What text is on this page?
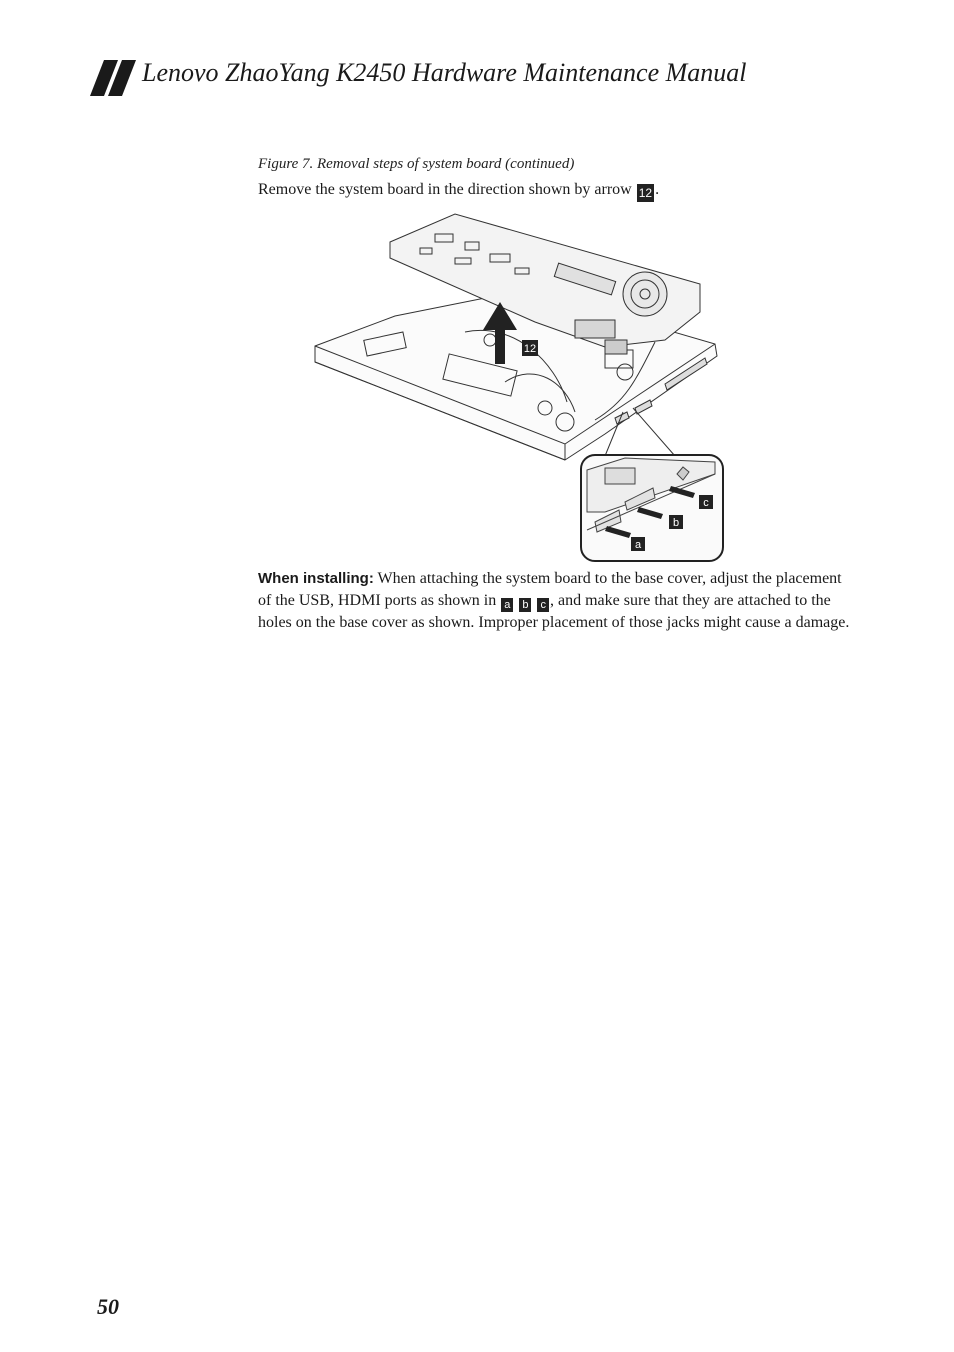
Lenovo ZhaoYang K2450 Hardware Maintenance Manual
Figure 7. Removal steps of system board (continued)
Remove the system board in the direction shown by arrow 12 .
12
c
b
a
When installing: When attaching the system board to the base cover, adjust the placement of the USB, HDMI ports as shown in a b c , and make sure that they are attached to the holes on the base cover as shown. Improper placement of those jacks might cause a damage.
50
